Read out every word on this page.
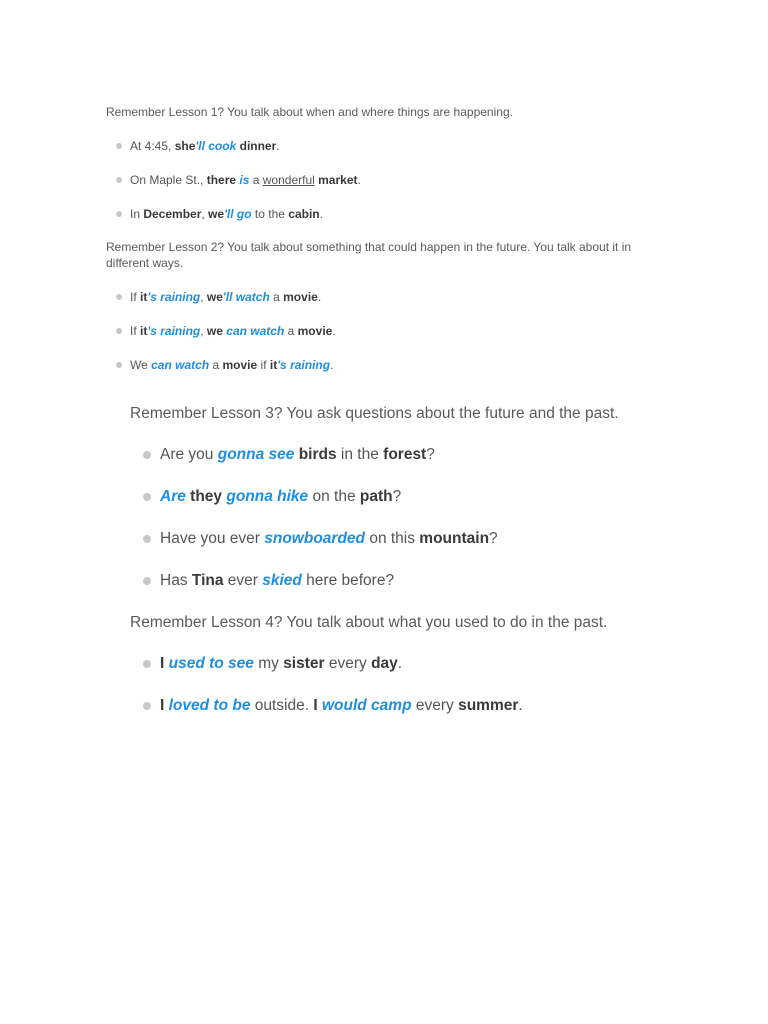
Remember Lesson 1? You talk about when and where things are happening.

At 4:45, she'll cook dinner.
On Maple St., there is a wonderful market.
In December, we'll go to the cabin.

Remember Lesson 2? You talk about something that could happen in the future. You talk about it in different ways.

If it's raining, we'll watch a movie.
If it's raining, we can watch a movie.
We can watch a movie if it's raining.

Remember Lesson 3? You ask questions about the future and the past.

Are you gonna see birds in the forest?
Are they gonna hike on the path?
Have you ever snowboarded on this mountain?
Has Tina ever skied here before?

Remember Lesson 4? You talk about what you used to do in the past.

I used to see my sister every day.
I loved to be outside. I would camp every summer.
